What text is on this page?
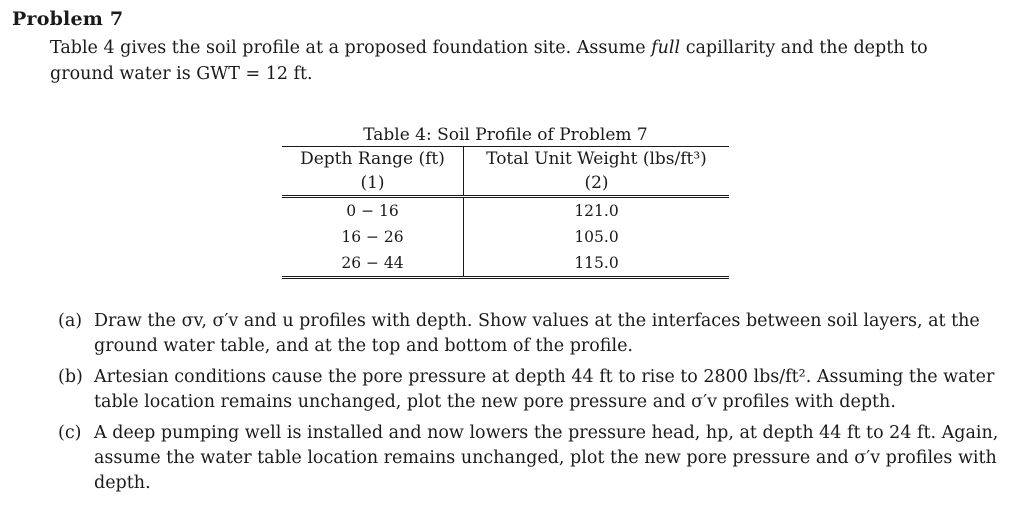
Problem 7

Table 4 gives the soil profile at a proposed foundation site. Assume full capillarity and the depth to

ground water is GWT = 12 ft.

Table 4: Soil Profile of Problem 7
Depth Range (ft)	Total Unit Weight (lbs/ft³)
(1)	(2)
0 − 16	121.0
16 − 26	105.0
26 − 44	115.0

(a) Draw the σv, σ′v and u profiles with depth. Show values at the interfaces between soil layers, at the ground water table, and at the top and bottom of the profile.
(b) Artesian conditions cause the pore pressure at depth 44 ft to rise to 2800 lbs/ft². Assuming the water table location remains unchanged, plot the new pore pressure and σ′v profiles with depth.
(c) A deep pumping well is installed and now lowers the pressure head, hp, at depth 44 ft to 24 ft. Again, assume the water table location remains unchanged, plot the new pore pressure and σ′v profiles with depth.
